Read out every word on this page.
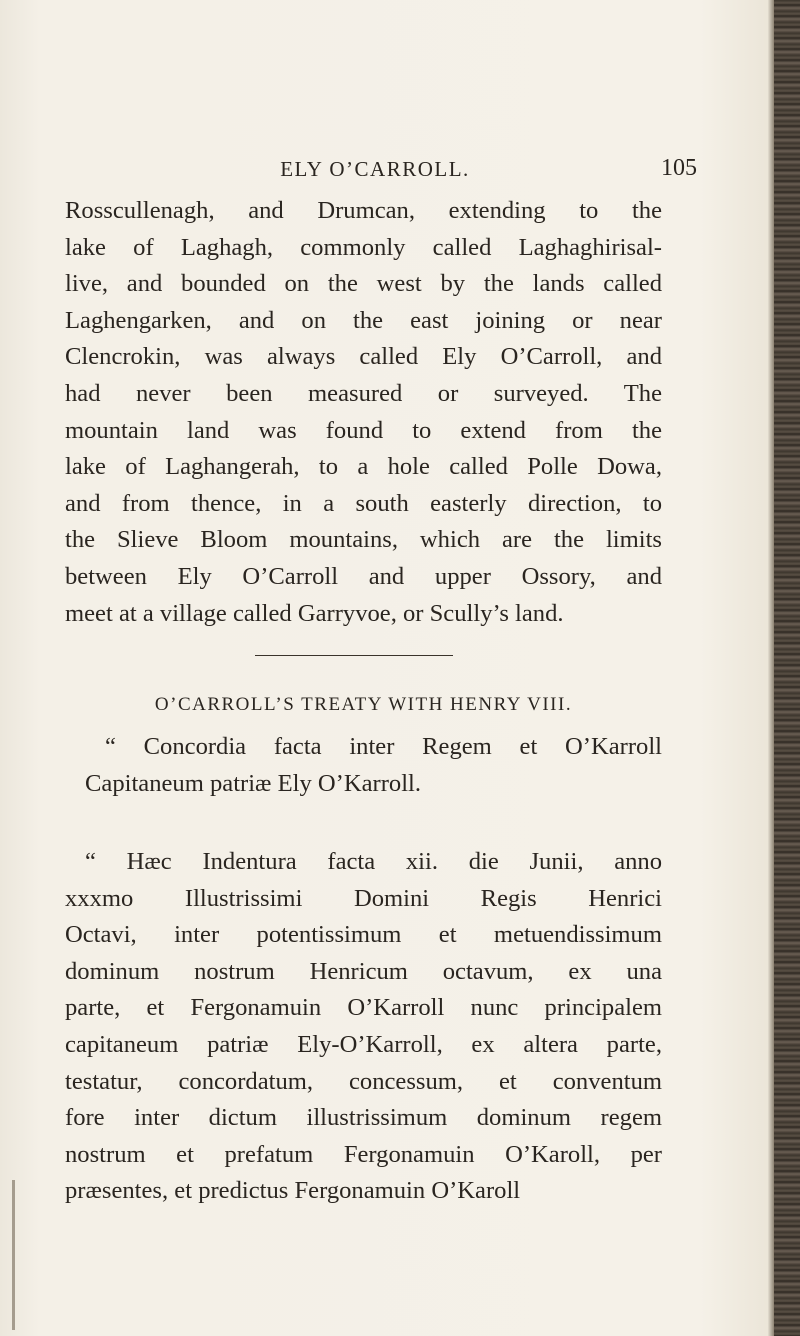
ELY O’CARROLL.	105
Rosscullenagh, and Drumcan, extending to the
lake of Laghagh, commonly called Laghaghirisal-
live, and bounded on the west by the lands called
Laghengarken, and on the east joining or near
Clencrokin, was always called Ely O’Carroll, and
had never been measured or surveyed. The
mountain land was found to extend from the
lake of Laghangerah, to a hole called Polle Dowa,
and from thence, in a south easterly direction, to
the Slieve Bloom mountains, which are the limits
between Ely O’Carroll and upper Ossory, and
meet at a village called Garryvoe, or Scully’s land.
O’CARROLL’S TREATY WITH HENRY VIII.
“ Concordia facta inter Regem et O’Karroll
Capitaneum patriæ Ely O’Karroll.
“ Hæc Indentura facta xii. die Junii, anno
xxxmo Illustrissimi Domini Regis Henrici
Octavi, inter potentissimum et metuendissimum
dominum nostrum Henricum octavum, ex una
parte, et Fergonamuin O’Karroll nunc principalem
capitaneum patriæ Ely-O’Karroll, ex altera parte,
testatur, concordatum, concessum, et conventum
fore inter dictum illustrissimum dominum regem
nostrum et prefatum Fergonamuin O’Karoll, per
præsentes, et predictus Fergonamuin O’Karoll
